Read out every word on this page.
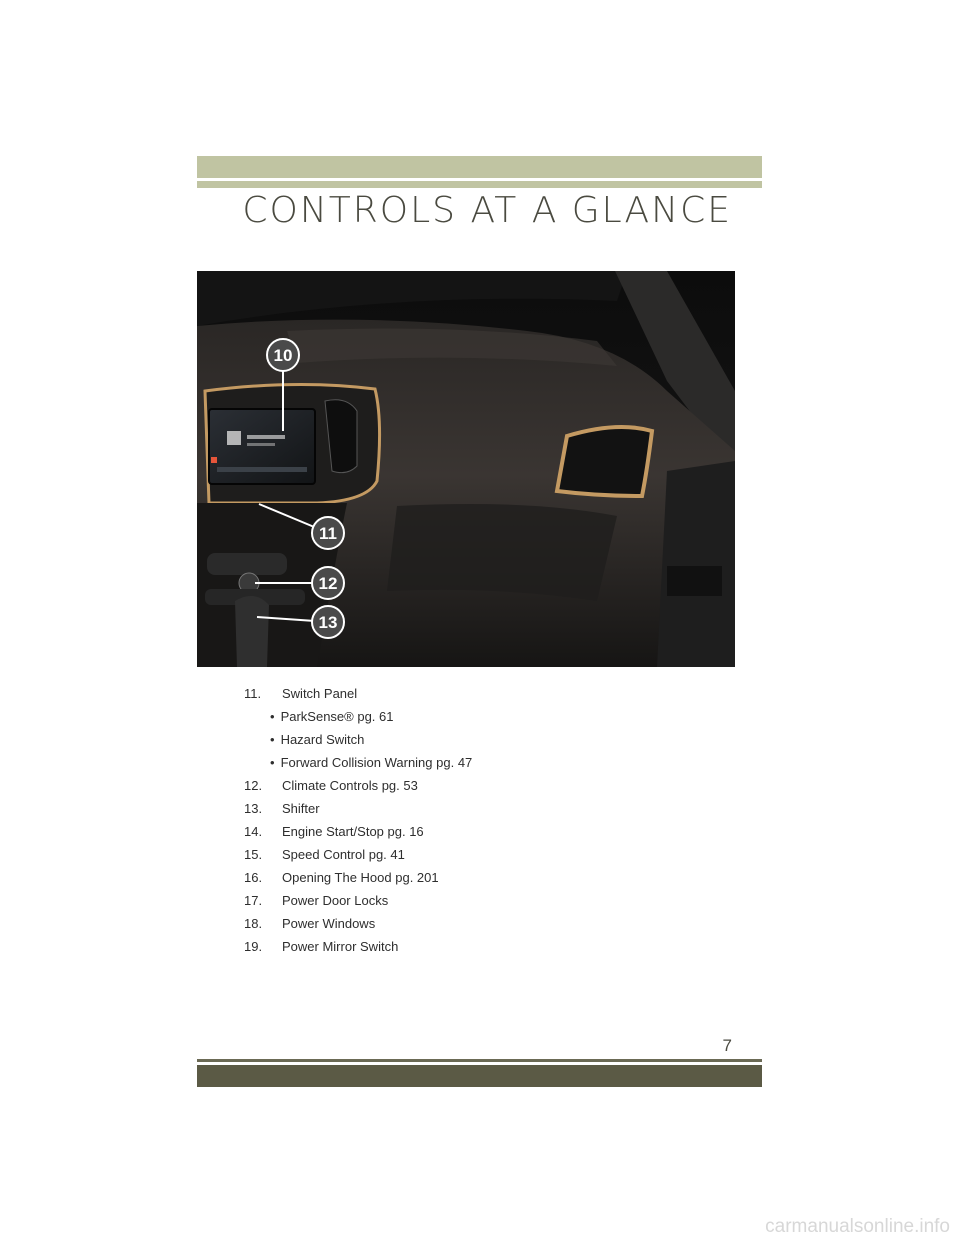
CONTROLS AT A GLANCE
10
11
12
13
11.	Switch Panel
• ParkSense® pg. 61
• Hazard Switch
• Forward Collision Warning pg. 47
12.	Climate Controls pg. 53
13.	Shifter
14.	Engine Start/Stop pg. 16
15.	Speed Control pg. 41
16.	Opening The Hood pg. 201
17.	Power Door Locks
18.	Power Windows
19.	Power Mirror Switch
7
carmanualsonline.info
